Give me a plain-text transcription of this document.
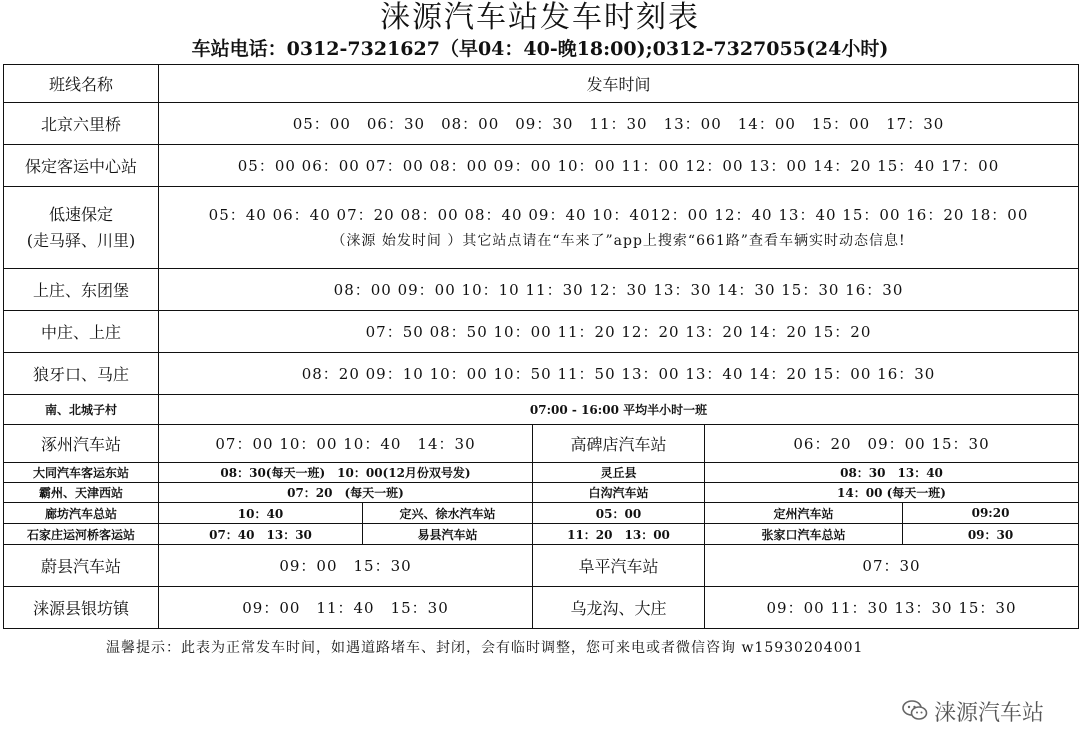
涞源汽车站发车时刻表
车站电话：0312-7321627（早04：40-晚18:00);0312-7327055(24小时)
班线名称	发车时间				
北京六里桥	05：00　06：30　08：00　09：30　11：30　13：00　14：00　15：00　17：30				
保定客运中心站	05：00 06：00 07：00 08：00 09：00 10：00 11：00 12：00 13：00 14：20 15：40 17：00				

低速保定
(走马驿、川里)	05：40 06：40 07：20 08：00 08：40 09：40 10：4012：00 12：40 13：40 15：00 16：20 18：00
（涞源 始发时间 ）其它站点请在“车来了”app上搜索“661路”查看车辆实时动态信息!				

上庄、东团堡	08：00 09：00 10：10 11：30 12：30 13：30 14：30 15：30 16：30				
中庄、上庄	07：50 08：50 10：00 11：20 12：20 13：20 14：20 15：20				
狼牙口、马庄	08：20 09：10 10：00 10：50 11：50 13：00 13：40 14：20 15：00 16：30				
南、北城子村	07:00 - 16:00 平均半小时一班				
涿州汽车站	07：00 10：00 10：40　14：30		高碑店汽车站	06：20　09：00 15：30	
大同汽车客运东站	08：30(每天一班)　10：00(12月份双号发)		灵丘县	08：30　13：40	
霸州、天津西站	07：20　(每天一班)		白沟汽车站	14：00 (每天一班)	
廊坊汽车总站	10：40	定兴、徐水汽车站	05：00	定州汽车站	09:20
石家庄运河桥客运站	07：40　13：30	易县汽车站	11：20　13：00	张家口汽车总站	09：30
蔚县汽车站	09：00　15：30		阜平汽车站	07：30	
涞源县银坊镇	09：00　11：40　15：30		乌龙沟、大庄	09：00 11：30 13：30 15：30	
温馨提示：此表为正常发车时间，如遇道路堵车、封闭，会有临时调整，您可来电或者微信咨询 w15930204001
涞源汽车站
